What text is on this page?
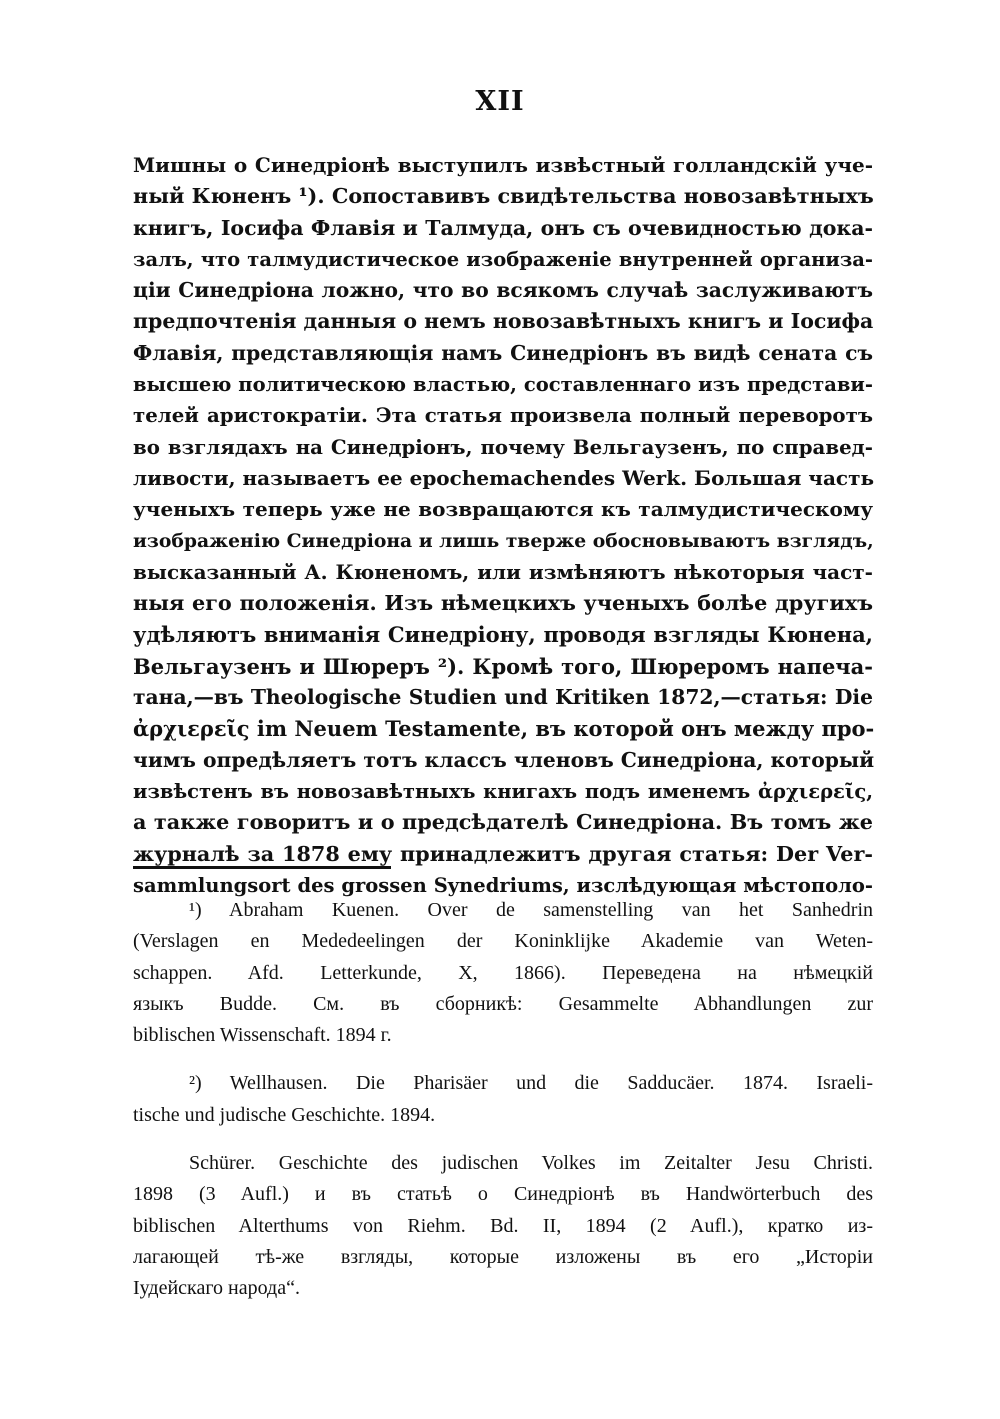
XII
Мишны о Синедріонѣ выступилъ извѣстный голландскій уче-
ный Кюненъ ¹). Сопоставивъ свидѣтельства новозавѣтныхъ
книгъ, Іосифа Флавія и Талмуда, онъ съ очевидностью дока-
залъ, что талмудистическое изображеніе внутренней организа-
ціи Синедріона ложно, что во всякомъ случаѣ заслуживаютъ
предпочтенія данныя о немъ новозавѣтныхъ книгъ и Іосифа
Флавія, представляющія намъ Синедріонъ въ видѣ сената съ
высшею политическою властью, составленнаго изъ представи-
телей аристократіи. Эта статья произвела полный переворотъ
во взглядахъ на Синедріонъ, почему Вельгаузенъ, по справед-
ливости, называетъ ее epochemachendes Werk. Большая часть
ученыхъ теперь уже не возвращаются къ талмудистическому
изображенію Синедріона и лишь тверже обосновываютъ взглядъ,
высказанный А. Кюненомъ, или измѣняютъ нѣкоторыя част-
ныя его положенія. Изъ нѣмецкихъ ученыхъ болѣе другихъ
удѣляютъ вниманія Синедріону, проводя взгляды Кюнена,
Вельгаузенъ и Шюреръ ²). Кромѣ того, Шюреромъ напеча-
тана,—въ Theologische Studien und Kritiken 1872,—статья: Die
ἀρχιερεῖς im Neuem Testamente, въ которой онъ между про-
чимъ опредѣляетъ тотъ классъ членовъ Синедріона, который
извѣстенъ въ новозавѣтныхъ книгахъ подъ именемъ ἀρχιερεῖς,
а также говоритъ и о предсѣдателѣ Синедріона. Въ томъ же
журналѣ за 1878 ему принадлежитъ другая статья: Der Ver-
sammlungsort des grossen Synedriums, изслѣдующая мѣстополо-
¹) Abraham Kuenen. Over de samenstelling van het Sanhedrin
(Verslagen en Mededeelingen der Koninklijke Akademie van Weten-
schappen. Afd. Letterkunde, X, 1866). Переведена на нѣмецкій
языкъ Budde. См. въ сборникѣ: Gesammelte Abhandlungen zur
biblischen Wissenschaft. 1894 г.
²) Wellhausen. Die Pharisäer und die Sadducäer. 1874. Israeli-
tische und judische Geschichte. 1894.
Schürer. Geschichte des judischen Volkes im Zeitalter Jesu Christi.
1898 (3 Aufl.) и въ статьѣ о Синедріонѣ въ Handwörterbuch des
biblischen Alterthums von Riehm. Bd. II, 1894 (2 Aufl.), кратко из-
лагающей тѣ-же взгляды, которые изложены въ его „Исторіи
Іудейскаго народа“.
